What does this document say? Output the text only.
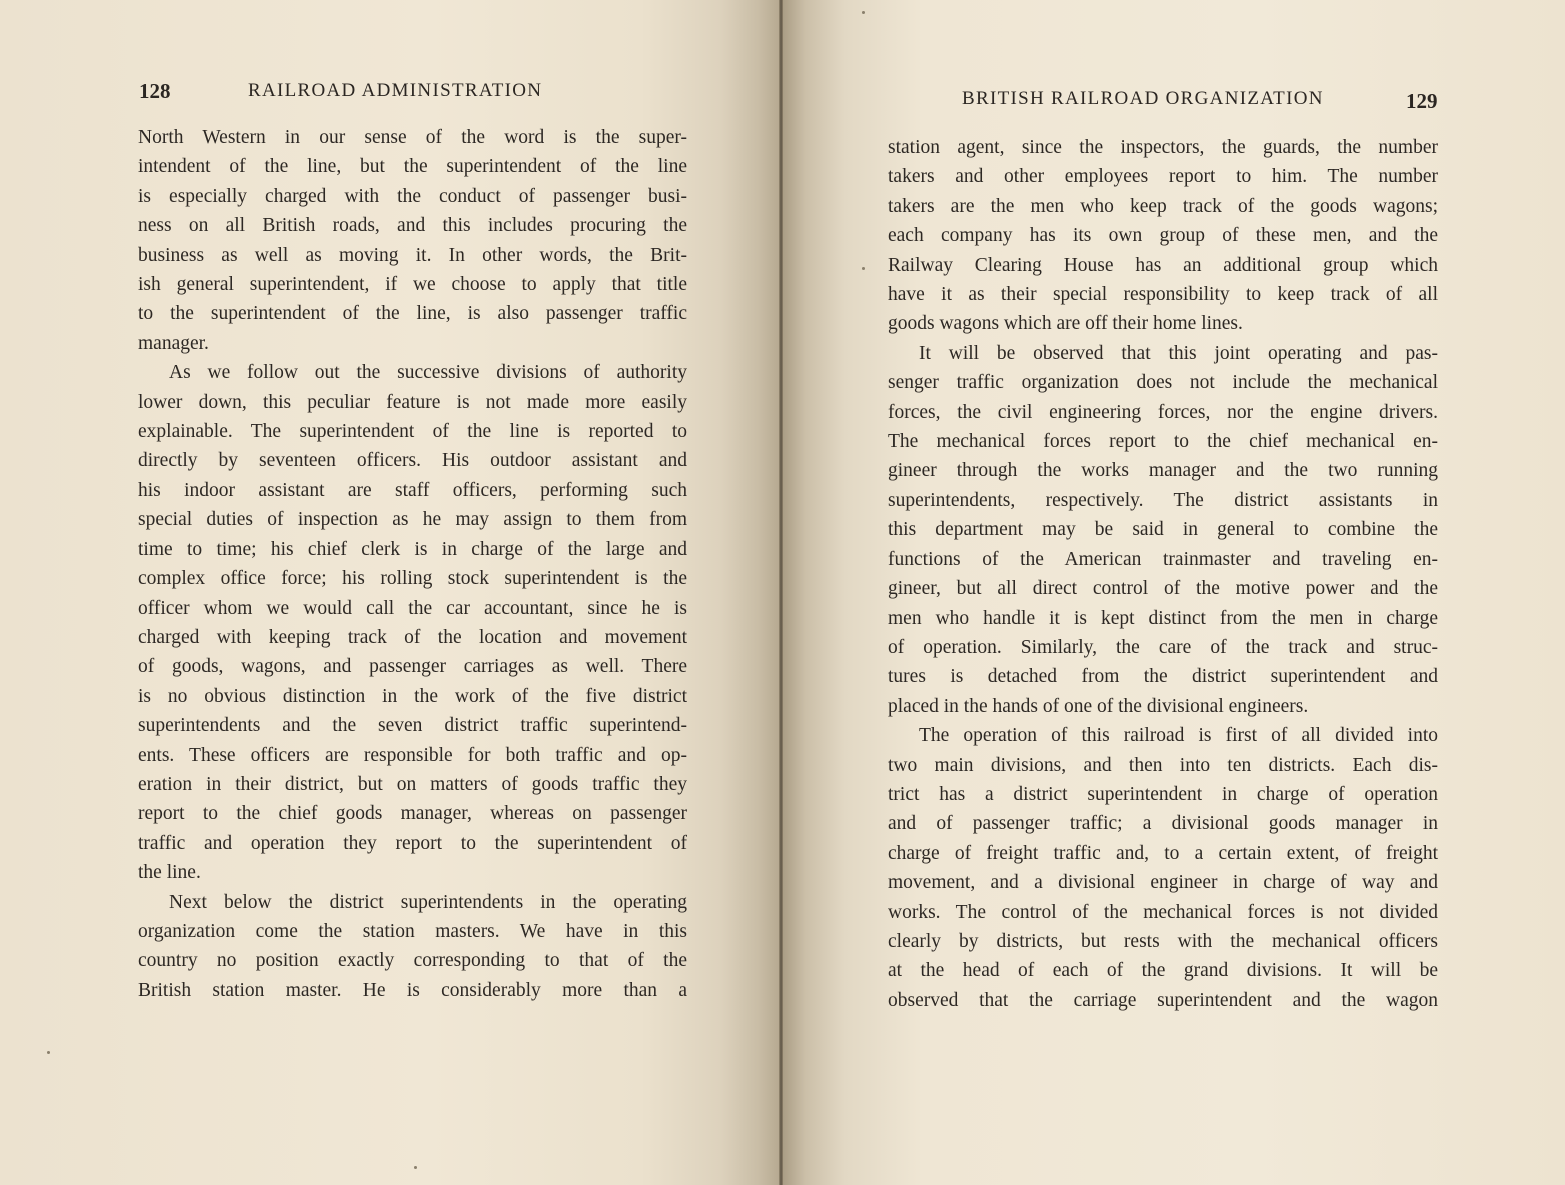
128	RAILROAD ADMINISTRATION
North Western in our sense of the word is the super-
intendent of the line, but the superintendent of the line
is especially charged with the conduct of passenger busi-
ness on all British roads, and this includes procuring the
business as well as moving it. In other words, the Brit-
ish general superintendent, if we choose to apply that title
to the superintendent of the line, is also passenger traffic
manager.
As we follow out the successive divisions of authority
lower down, this peculiar feature is not made more easily
explainable. The superintendent of the line is reported to
directly by seventeen officers. His outdoor assistant and
his indoor assistant are staff officers, performing such
special duties of inspection as he may assign to them from
time to time; his chief clerk is in charge of the large and
complex office force; his rolling stock superintendent is the
officer whom we would call the car accountant, since he is
charged with keeping track of the location and movement
of goods, wagons, and passenger carriages as well. There
is no obvious distinction in the work of the five district
superintendents and the seven district traffic superintend-
ents. These officers are responsible for both traffic and op-
eration in their district, but on matters of goods traffic they
report to the chief goods manager, whereas on passenger
traffic and operation they report to the superintendent of
the line.
Next below the district superintendents in the operating
organization come the station masters. We have in this
country no position exactly corresponding to that of the
British station master. He is considerably more than a
BRITISH RAILROAD ORGANIZATION	129
station agent, since the inspectors, the guards, the number
takers and other employees report to him. The number
takers are the men who keep track of the goods wagons;
each company has its own group of these men, and the
Railway Clearing House has an additional group which
have it as their special responsibility to keep track of all
goods wagons which are off their home lines.
It will be observed that this joint operating and pas-
senger traffic organization does not include the mechanical
forces, the civil engineering forces, nor the engine drivers.
The mechanical forces report to the chief mechanical en-
gineer through the works manager and the two running
superintendents, respectively. The district assistants in
this department may be said in general to combine the
functions of the American trainmaster and traveling en-
gineer, but all direct control of the motive power and the
men who handle it is kept distinct from the men in charge
of operation. Similarly, the care of the track and struc-
tures is detached from the district superintendent and
placed in the hands of one of the divisional engineers.
The operation of this railroad is first of all divided into
two main divisions, and then into ten districts. Each dis-
trict has a district superintendent in charge of operation
and of passenger traffic; a divisional goods manager in
charge of freight traffic and, to a certain extent, of freight
movement, and a divisional engineer in charge of way and
works. The control of the mechanical forces is not divided
clearly by districts, but rests with the mechanical officers
at the head of each of the grand divisions. It will be
observed that the carriage superintendent and the wagon
